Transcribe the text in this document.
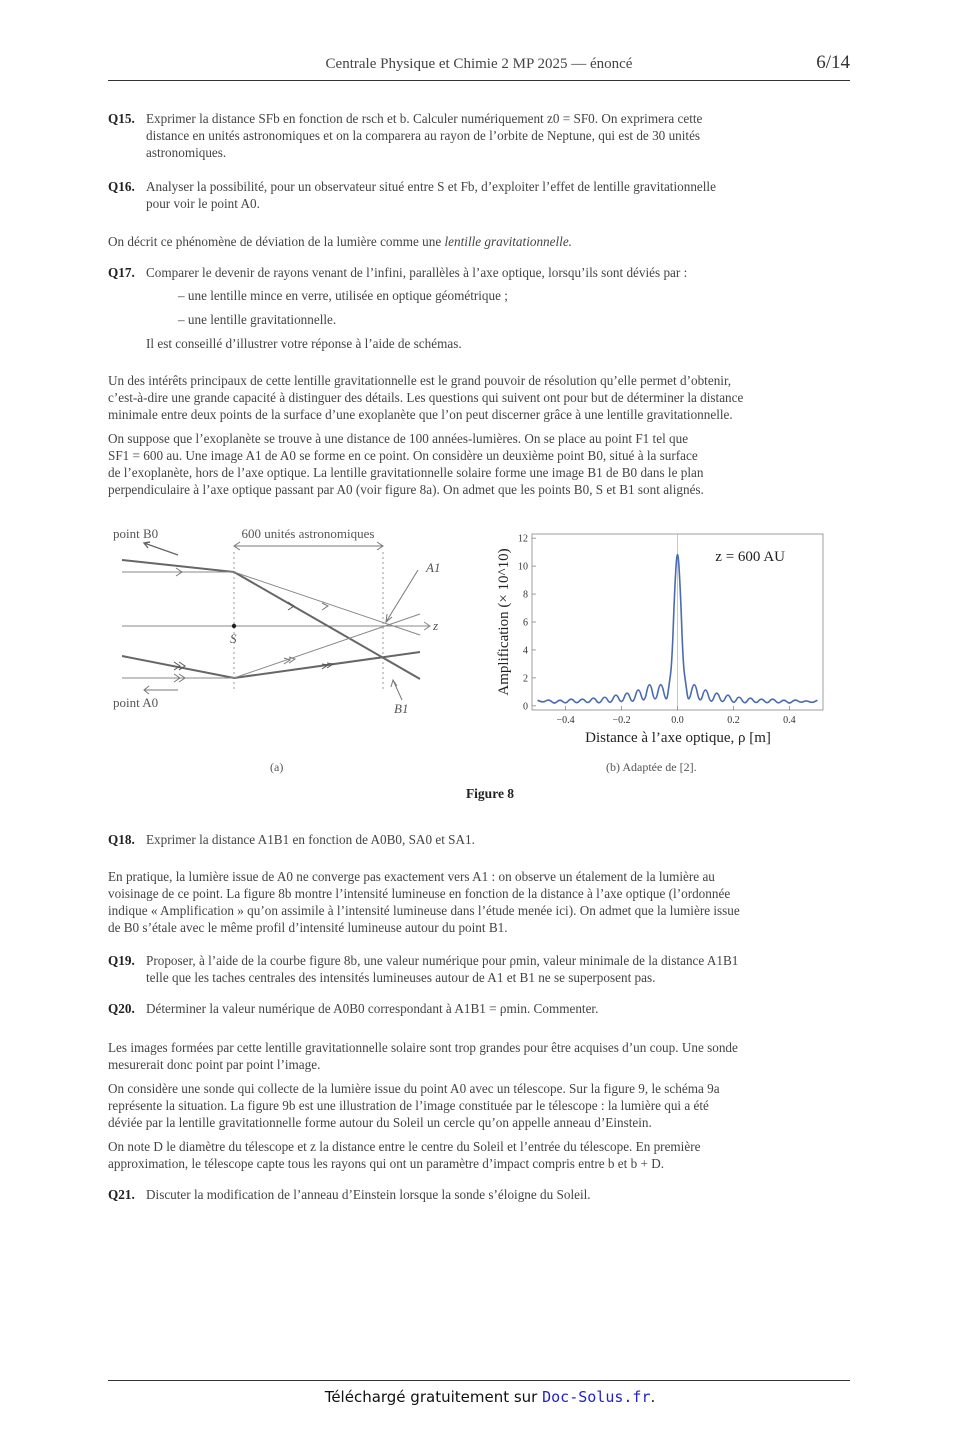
Centrale Physique et Chimie 2 MP 2025 — énoncé	6/14
Q15. Exprimer la distance SFb en fonction de rsch et b. Calculer numériquement z0 = SF0. On exprimera cette
distance en unités astronomiques et on la comparera au rayon de l’orbite de Neptune, qui est de 30 unités
astronomiques.
Q16. Analyser la possibilité, pour un observateur situé entre S et Fb, d’exploiter l’effet de lentille gravitationnelle
pour voir le point A0.
On décrit ce phénomène de déviation de la lumière comme une lentille gravitationnelle.
Q17. Comparer le devenir de rayons venant de l’infini, parallèles à l’axe optique, lorsqu’ils sont déviés par :
– une lentille mince en verre, utilisée en optique géométrique ;
– une lentille gravitationnelle.
Il est conseillé d’illustrer votre réponse à l’aide de schémas.
Un des intérêts principaux de cette lentille gravitationnelle est le grand pouvoir de résolution qu’elle permet d’obtenir,
c’est-à-dire une grande capacité à distinguer des détails. Les questions qui suivent ont pour but de déterminer la distance
minimale entre deux points de la surface d’une exoplanète que l’on peut discerner grâce à une lentille gravitationnelle.
On suppose que l’exoplanète se trouve à une distance de 100 années-lumières. On se place au point F1 tel que
SF1 = 600 au. Une image A1 de A0 se forme en ce point. On considère un deuxième point B0, situé à la surface
de l’exoplanète, hors de l’axe optique. La lentille gravitationnelle solaire forme une image B1 de B0 dans le plan
perpendiculaire à l’axe optique passant par A0 (voir figure 8a). On admet que les points B0, S et B1 sont alignés.
point B0
point A0
600 unités astronomiques
A1
B1
S
z
0
2
4
6
8
10
12
−0.4	−0.2	0.0	0.2	0.4
z = 600 AU
Distance à l’axe optique, ρ [m]
Amplification (× 10^10)
(a)	(b) Adaptée de [2].
Figure 8
Q18. Exprimer la distance A1B1 en fonction de A0B0, SA0 et SA1.
En pratique, la lumière issue de A0 ne converge pas exactement vers A1 : on observe un étalement de la lumière au
voisinage de ce point. La figure 8b montre l’intensité lumineuse en fonction de la distance à l’axe optique (l’ordonnée
indique « Amplification » qu’on assimile à l’intensité lumineuse dans l’étude menée ici). On admet que la lumière issue
de B0 s’étale avec le même profil d’intensité lumineuse autour du point B1.
Q19. Proposer, à l’aide de la courbe figure 8b, une valeur numérique pour ρmin, valeur minimale de la distance A1B1
telle que les taches centrales des intensités lumineuses autour de A1 et B1 ne se superposent pas.
Q20. Déterminer la valeur numérique de A0B0 correspondant à A1B1 = ρmin. Commenter.
Les images formées par cette lentille gravitationnelle solaire sont trop grandes pour être acquises d’un coup. Une sonde
mesurerait donc point par point l’image.
On considère une sonde qui collecte de la lumière issue du point A0 avec un télescope. Sur la figure 9, le schéma 9a
représente la situation. La figure 9b est une illustration de l’image constituée par le télescope : la lumière qui a été
déviée par la lentille gravitationnelle forme autour du Soleil un cercle qu’on appelle anneau d’Einstein.
On note D le diamètre du télescope et z la distance entre le centre du Soleil et l’entrée du télescope. En première
approximation, le télescope capte tous les rayons qui ont un paramètre d’impact compris entre b et b + D.
Q21. Discuter la modification de l’anneau d’Einstein lorsque la sonde s’éloigne du Soleil.
Téléchargé gratuitement sur Doc-Solus.fr.
